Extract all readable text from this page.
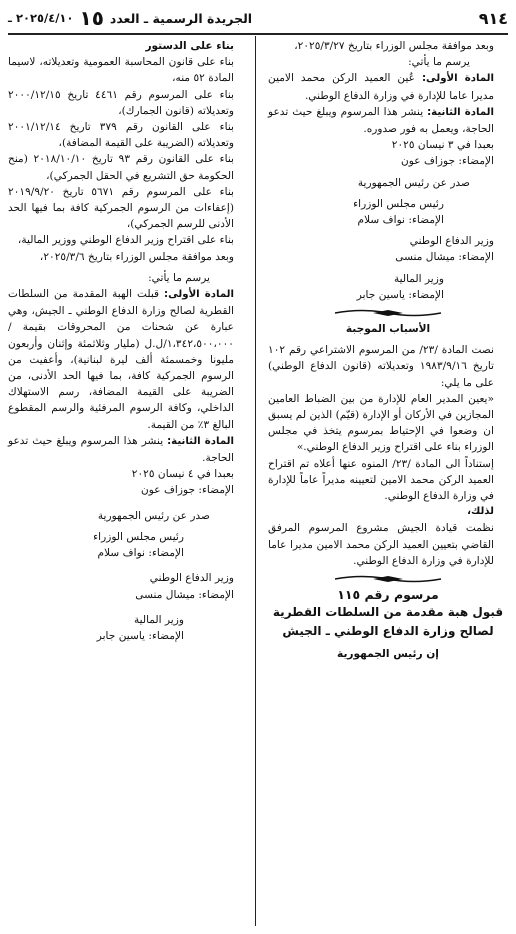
الجريدة الرسمية ـ العدد
١٥
٢٠٢٥/٤/١٠ ـ	٩١٤

وبعد موافقة مجلس الوزراء بتاريخ ٢٠٢٥/٣/٢٧،

يرسم ما يأتي:

المادة الأولى: عُين العميد الركن محمد الامين مديرا عاما للإدارة في وزارة الدفاع الوطني.

المادة الثانية: ينشر هذا المرسوم ويبلغ حيث تدعو الحاجة، ويعمل به فور صدوره.

بعبدا في ٣ نيسان ٢٠٢٥

الإمضاء: جوزاف عون

صدر عن رئيس الجمهورية

رئيس مجلس الوزراء

الإمضاء: نواف سلام

وزير الدفاع الوطني

الإمضاء: ميشال منسى

وزير المالية

الإمضاء: ياسين جابر

الأسباب الموجبة

نصت المادة /٢٣/ من المرسوم الاشتراعي رقم ١٠٢ تاريخ ١٩٨٣/٩/١٦ وتعديلاته (قانون الدفاع الوطني) على ما يلي:

«يعين المدير العام للإدارة من بين الضباط العامين المجازين في الأركان أو الإدارة (قيّم) الذين لم يسبق ان وضعوا في الإحتياط بمرسوم يتخذ في مجلس الوزراء بناء على اقتراح وزير الدفاع الوطني.»

إستناداً الى المادة /٢٣/ المنوه عنها أعلاه تم اقتراح العميد الركن محمد الامين لتعيينه مديراً عاماً للإدارة في وزارة الدفاع الوطني.

لذلك،

نظمت قيادة الجيش مشروع المرسوم المرفق القاضي بتعيين العميد الركن محمد الامين مديرا عاما للإدارة في وزارة الدفاع الوطني.

مرسوم رقم ١١٥

قبول هبة مقدمة من السلطات القطرية لصالح وزارة الدفاع الوطني ـ الجيش

إن رئيس الجمهورية

بناء على الدستور

بناء على قانون المحاسبة العمومية وتعديلاته، لاسيما المادة ٥٢ منه،

بناء على المرسوم رقم ٤٤٦١ تاريخ ٢٠٠٠/١٢/١٥ وتعديلاته (قانون الجمارك)،

بناء على القانون رقم ٣٧٩ تاريخ ٢٠٠١/١٢/١٤ وتعديلاته (الضريبة على القيمة المضافة)،

بناء على القانون رقم ٩٣ تاريخ ٢٠١٨/١٠/١٠ (منح الحكومة حق التشريع في الحقل الجمركي)،

بناء على المرسوم رقم ٥٦٧١ تاريخ ٢٠١٩/٩/٢٠ (إعفاءات من الرسوم الجمركية كافة بما فيها الحد الأدنى للرسم الجمركي)،

بناء على اقتراح وزير الدفاع الوطني ووزير المالية،

وبعد موافقة مجلس الوزراء بتاريخ ٢٠٢٥/٣/٦،

يرسم ما يأتي:

المادة الأولى: قبلت الهبة المقدمة من السلطات القطرية لصالح وزارة الدفاع الوطني ـ الجيش، وهي عبارة عن شحنات من المحروقات بقيمة /١،٣٤٢،٥٠٠،٠٠٠/ل.ل (مليار وثلاثمئة وإثنان وأربعون مليونا وخمسمئة ألف ليرة لبنانية)، وأعفيت من الرسوم الجمركية كافة، بما فيها الحد الأدنى، من الضريبة على القيمة المضافة، رسم الاستهلاك الداخلي، وكافة الرسوم المرفئية والرسم المقطوع البالغ ٣٪ من القيمة.

المادة الثانية: ينشر هذا المرسوم ويبلغ حيث تدعو الحاجة.

بعبدا في ٤ نيسان ٢٠٢٥

الإمضاء: جوزاف عون

صدر عن رئيس الجمهورية

رئيس مجلس الوزراء

الإمضاء: نواف سلام

وزير الدفاع الوطني

الإمضاء: ميشال منسى

وزير المالية

الإمضاء: ياسين جابر
